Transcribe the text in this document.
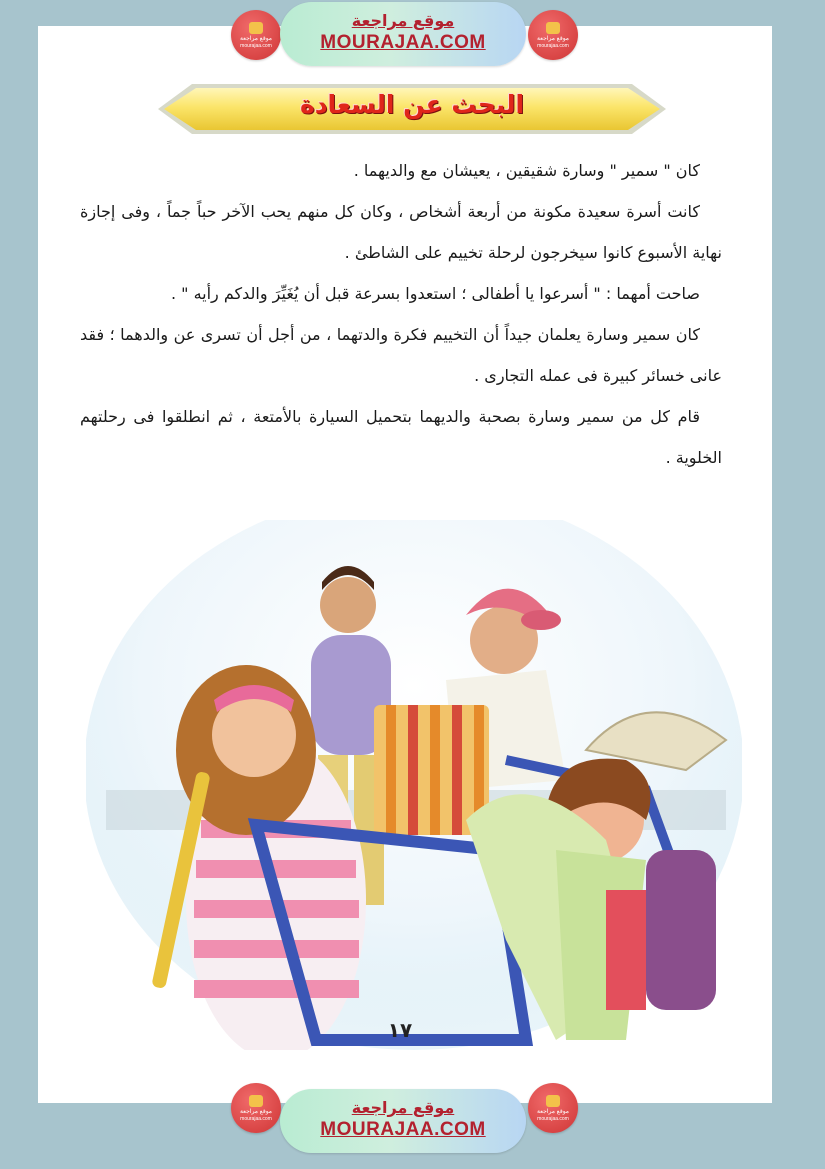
موقع مراجعة
mourajaa.com
موقع مراجعة
MOURAJAA.COM	موقع مراجعة
mourajaa.com
البحث عن السعادة

كان " سمير " وسارة شقيقين ، يعيشان مع والديهما .

كانت أسرة سعيدة مكونة من أربعة أشخاص ، وكان كل منهم يحب الآخر حباً جماً ، وفى إجازة نهاية الأسبوع كانوا سيخرجون لرحلة تخييم على الشاطئ .

صاحت أمهما : " أسرعوا يا أطفالى ؛ استعدوا بسرعة قبل أن يُغَيِّرَ والدكم رأيه " .

كان سمير وسارة يعلمان جيداً أن التخييم فكرة والدتهما ، من أجل أن تسرى عن والدهما ؛ فقد عانى خسائر كبيرة فى عمله التجارى .

قام كل من سمير وسارة بصحبة والديهما بتحميل السيارة بالأمتعة ، ثم انطلقوا فى رحلتهم الخلوية .

١٧
موقع مراجعة
mourajaa.com
موقع مراجعة
MOURAJAA.COM
موقع مراجعة
mourajaa.com
